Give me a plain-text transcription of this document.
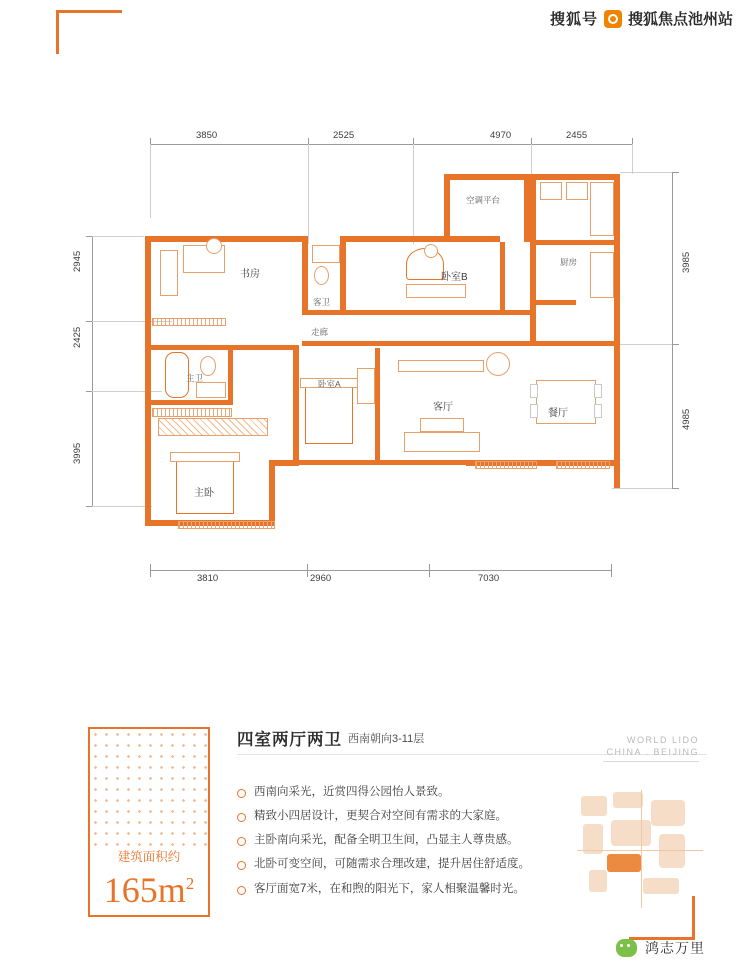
搜狐号 搜狐焦点池州站
3850	2525	4970	2455
3810	2960	7030
2945
2425
3995
3985
4985
书房
客卫
空调平台
卧室B
厨房
走廊
主卫
卧室A
客厅
餐厅
主卧
建筑面积约
$165m^2$
四室两厅两卫 西南朝向3-11层
西南向采光，近赏四得公园怡人景致。
精致小四居设计，更契合对空间有需求的大家庭。
主卧南向采光，配备全明卫生间，凸显主人尊贵感。
北卧可变空间，可随需求合理改建，提升居住舒适度。
客厅面宽7米，在和煦的阳光下，家人相聚温馨时光。
WORLD LIDO
CHINA . BEIJING
鸿志万里
